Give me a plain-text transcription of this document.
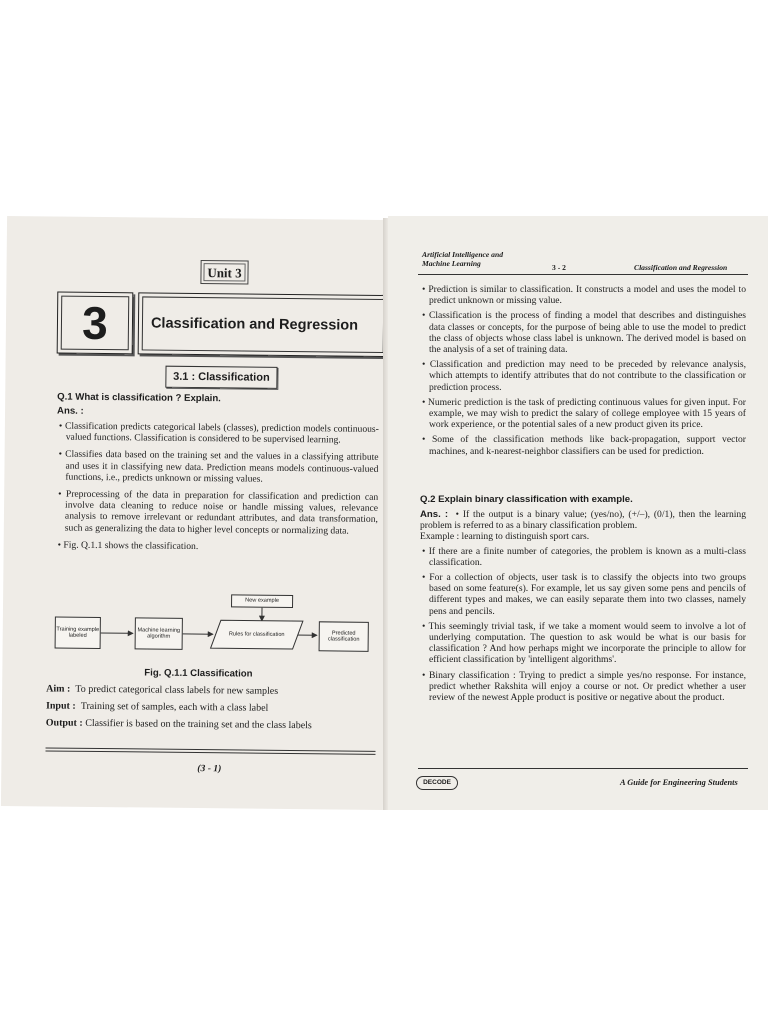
Unit 3
3	Classification and Regression
3.1 : Classification
Q.1 What is classification ? Explain.
Ans. :

• Classification predicts categorical labels (classes), prediction models continuous-valued functions. Classification is considered to be supervised learning.

• Classifies data based on the training set and the values in a classifying attribute and uses it in classifying new data. Prediction means models continuous-valued functions, i.e., predicts unknown or missing values.

• Preprocessing of the data in preparation for classification and prediction can involve data cleaning to reduce noise or handle missing values, relevance analysis to remove irrelevant or redundant attributes, and data transformation, such as generalizing the data to higher level concepts or normalizing data.

• Fig. Q.1.1 shows the classification.

New example
Training example labeled
Machine learning algorithm	Rules for classification	Predicted classification
Fig. Q.1.1 Classification
Aim : To predict categorical class labels for new samples
Input : Training set of samples, each with a class label
Output : Classifier is based on the training set and the class labels
(3 - 1)
Artificial Intelligence and Machine Learning	3 - 2	Classification and Regression

• Prediction is similar to classification. It constructs a model and uses the model to predict unknown or missing value.

• Classification is the process of finding a model that describes and distinguishes data classes or concepts, for the purpose of being able to use the model to predict the class of objects whose class label is unknown. The derived model is based on the analysis of a set of training data.

• Classification and prediction may need to be preceded by relevance analysis, which attempts to identify attributes that do not contribute to the classification or prediction process.

• Numeric prediction is the task of predicting continuous values for given input. For example, we may wish to predict the salary of college employee with 15 years of work experience, or the potential sales of a new product given its price.

• Some of the classification methods like back-propagation, support vector machines, and k-nearest-neighbor classifiers can be used for prediction.

Q.2 Explain binary classification with example.

Ans. :  • If the output is a binary value; (yes/no), (+/–), (0/1), then the learning problem is referred to as a binary classification problem.

Example : learning to distinguish sport cars.

• If there are a finite number of categories, the problem is known as a multi-class classification.

• For a collection of objects, user task is to classify the objects into two groups based on some feature(s). For example, let us say given some pens and pencils of different types and makes, we can easily separate them into two classes, namely pens and pencils.

• This seemingly trivial task, if we take a moment would seem to involve a lot of underlying computation. The question to ask would be what is our basis for classification ? And how perhaps might we incorporate the principle to allow for efficient classification by 'intelligent algorithms'.

• Binary classification : Trying to predict a simple yes/no response. For instance, predict whether Rakshita will enjoy a course or not. Or predict whether a user review of the newest Apple product is positive or negative about the product.

DECODE	A Guide for Engineering Students
